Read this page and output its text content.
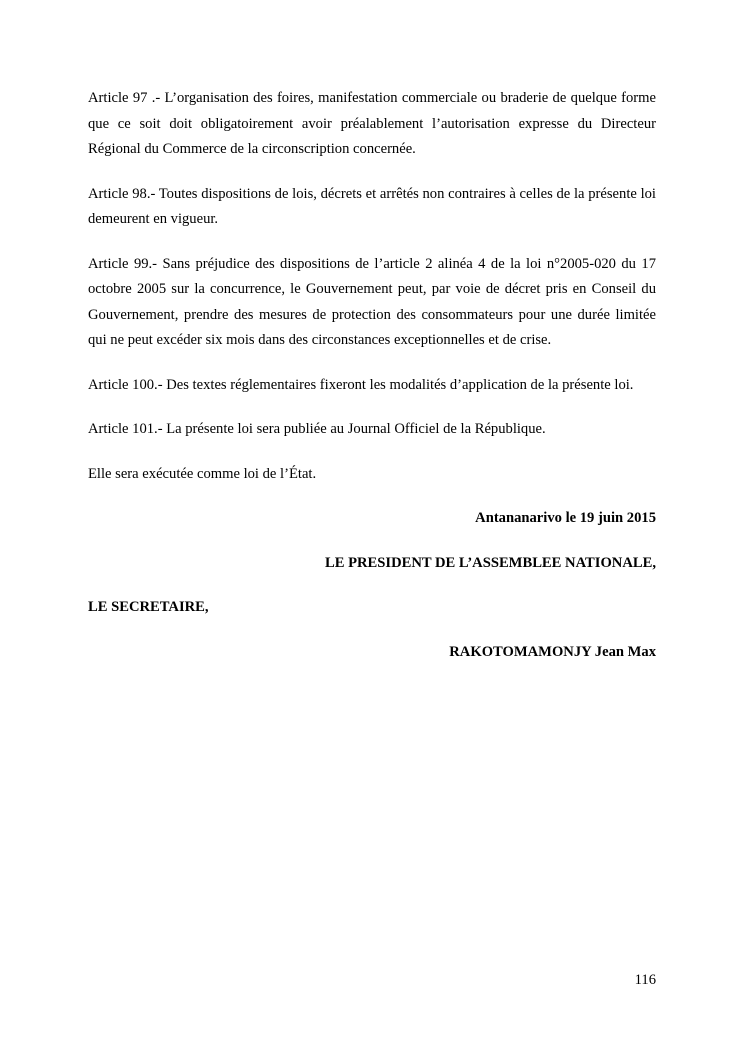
Article 97 .- L’organisation des foires, manifestation commerciale ou braderie de quelque forme que ce soit doit obligatoirement avoir préalablement l’autorisation expresse du Directeur Régional du Commerce de la circonscription concernée.

Article 98.- Toutes dispositions de lois, décrets et arrêtés non contraires à celles de la présente loi demeurent en vigueur.

Article 99.- Sans préjudice des dispositions de l’article 2 alinéa 4 de la loi n°2005-020 du 17 octobre 2005 sur la concurrence, le Gouvernement peut, par voie de décret pris en Conseil du Gouvernement, prendre des mesures de protection des consommateurs pour une durée limitée qui ne peut excéder six mois dans des circonstances exceptionnelles et de crise.

Article 100.- Des textes réglementaires fixeront les modalités d’application de la présente loi.

Article 101.- La présente loi sera publiée au Journal Officiel de la République.

Elle sera exécutée comme loi de l’État.

Antananarivo le 19 juin 2015

LE PRESIDENT DE L’ASSEMBLEE NATIONALE,

LE SECRETAIRE,

RAKOTOMAMONJY Jean Max

116
